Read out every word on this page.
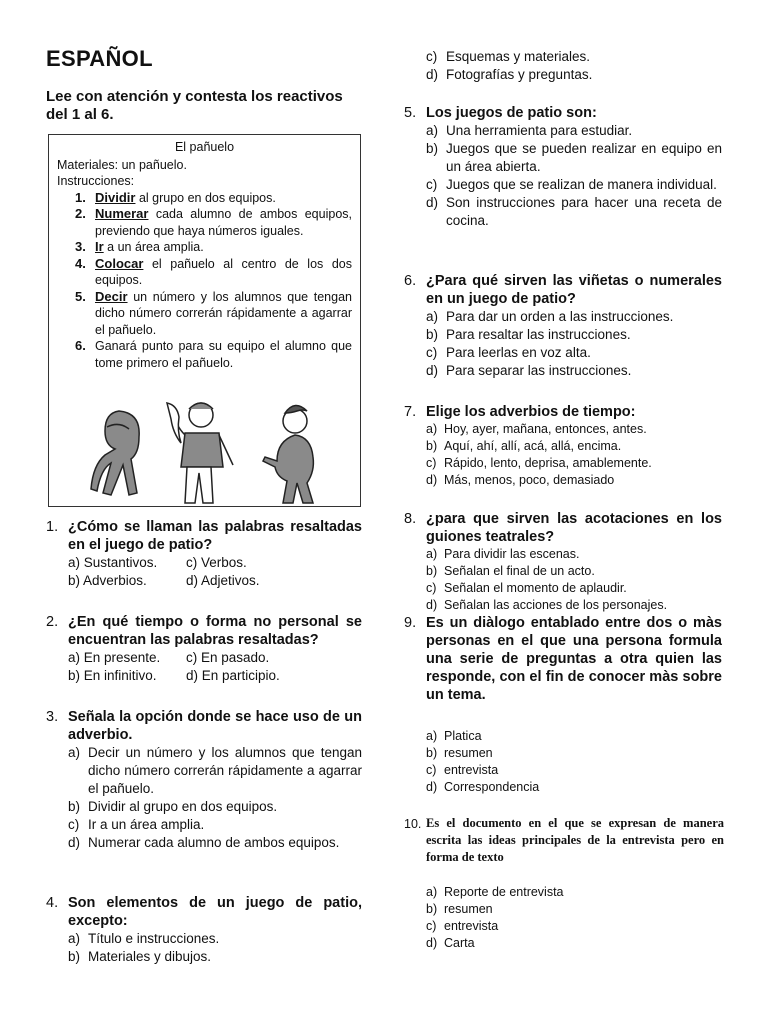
ESPAÑOL
Lee con atención y contesta los reactivos del 1 al 6.
El pañuelo
Materiales: un pañuelo.
Instrucciones:
1. Dividir al grupo en dos equipos.
2. Numerar cada alumno de ambos equipos, previendo que haya números iguales.
3. Ir a un área amplia.
4. Colocar el pañuelo al centro de los dos equipos.
5. Decir un número y los alumnos que tengan dicho número correrán rápidamente a agarrar el pañuelo.
6. Ganará punto para su equipo el alumno que tome primero el pañuelo.
1. ¿Cómo se llaman las palabras resaltadas en el juego de patio?
a) Sustantivos.	c) Verbos.
b) Adverbios.	d) Adjetivos.
2. ¿En qué tiempo o forma no personal se encuentran las palabras resaltadas?
a) En presente.	c) En pasado.
b) En infinitivo.	d) En participio.
3. Señala la opción donde se hace uso de un adverbio.
a) Decir un número y los alumnos que tengan dicho número correrán rápidamente a agarrar el pañuelo.
b) Dividir al grupo en dos equipos.
c) Ir a un área amplia.
d) Numerar cada alumno de ambos equipos.
4. Son elementos de un juego de patio, excepto:
a) Título e instrucciones.
b) Materiales y dibujos.
c) Esquemas y materiales.
d) Fotografías y preguntas.
5. Los juegos de patio son:
a) Una herramienta para estudiar.
b) Juegos que se pueden realizar en equipo en un área abierta.
c) Juegos que se realizan de manera individual.
d) Son instrucciones para hacer una receta de cocina.
6. ¿Para qué sirven las viñetas o numerales en un juego de patio?
a) Para dar un orden a las instrucciones.
b) Para resaltar las instrucciones.
c) Para leerlas en voz alta.
d) Para separar las instrucciones.
7. Elige los adverbios de tiempo:
a) Hoy, ayer, mañana, entonces, antes.
b) Aquí, ahí, allí, acá, allá, encima.
c) Rápido, lento, deprisa, amablemente.
d) Más, menos, poco, demasiado
8. ¿para que sirven las acotaciones en los guiones teatrales?
a) Para dividir las escenas.
b) Señalan el final de un acto.
c) Señalan el momento de aplaudir.
d) Señalan las acciones de los personajes.
9. Es un diàlogo entablado entre dos o màs personas en el que una persona formula una serie de preguntas a otra quien las responde, con el fin de conocer màs sobre un tema.
a) Platica
b) resumen
c) entrevista
d) Correspondencia
10. Es el documento en el que se expresan de manera escrita las ideas principales de la entrevista pero en forma de texto
a) Reporte de entrevista
b) resumen
c) entrevista
d) Carta
